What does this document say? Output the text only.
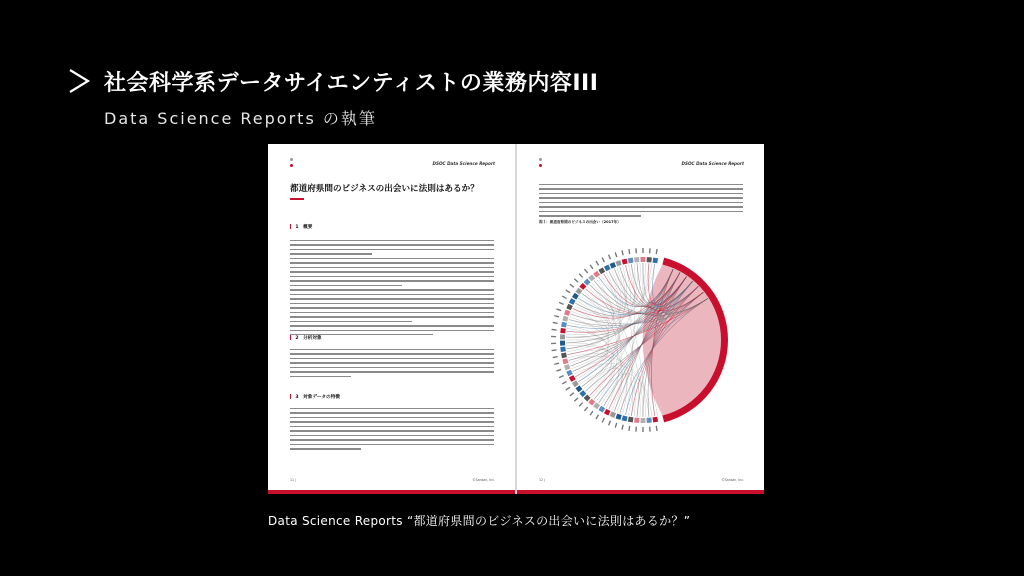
社会科学系データサイエンティストの業務内容III
Data Science Reports の執筆
DSOC Data Science Report
都道府県間のビジネスの出会いに法則はあるか？
1　概要
2　分析対象
3　対象データの特徴
11 |	©Sansan, Inc.
DSOC Data Science Report
図１：都道府県間のビジネスの出会い（2017年）
12 |	©Sansan, Inc.
Data Science Reports “都道府県間のビジネスの出会いに法則はあるか？”
